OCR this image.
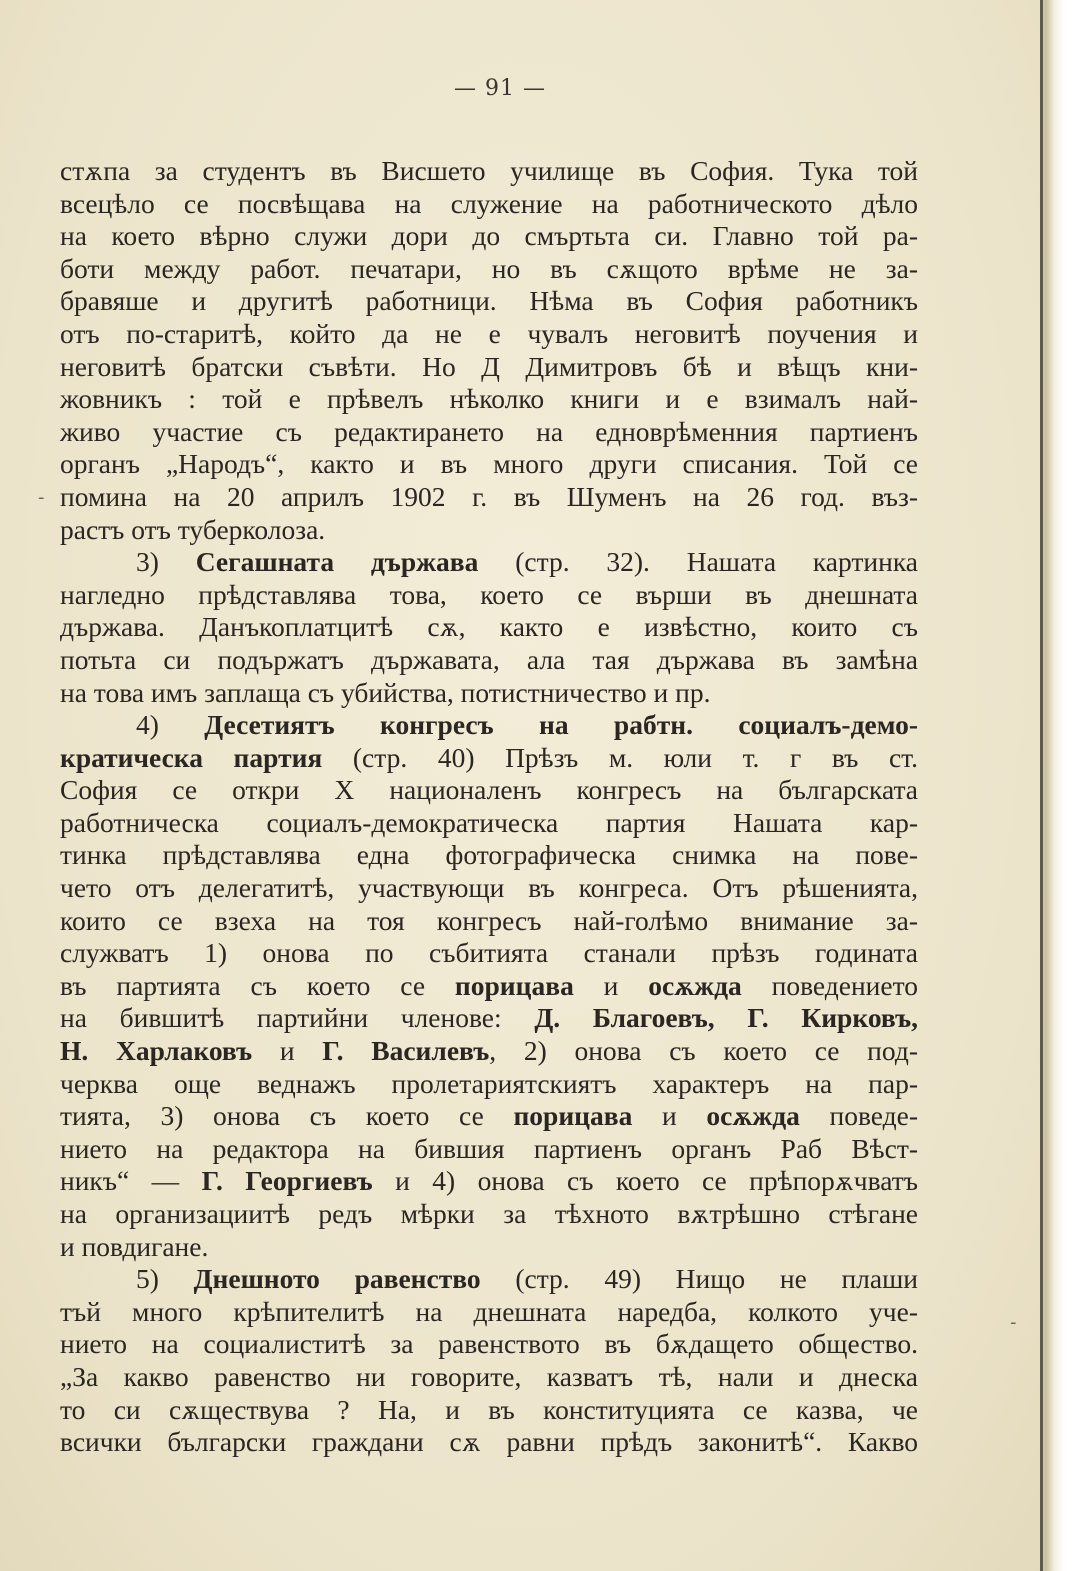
— 91 —
-
-
стѫпа за студентъ въ Висшето училище въ София. Тука той
всецѣло се посвѣщава на служение на работническото дѣло
на което вѣрно служи дори до смъртьта си. Главно той ра-
боти между работ. печатари, но въ сѫщото врѣме не за-
бравяше и другитѣ работници. Нѣма въ София работникъ
отъ по-старитѣ, който да не е чувалъ неговитѣ поучения и
неговитѣ братски съвѣти. Но Д Димитровъ бѣ и вѣщъ кни-
жовникъ : той е прѣвелъ нѣколко книги и е взималъ най-
живо участие съ редактирането на едноврѣменния партиенъ
органъ „Народъ“, както и въ много други списания. Той се
помина на 20 априлъ 1902 г. въ Шуменъ на 26 год. въз-
растъ отъ туберколоза.
3) Сегашната държава (стр. 32). Нашата картинка
нагледно прѣдставлява това, което се върши въ днешната
държава. Данъкоплатцитѣ сѫ, както е извѣстно, които съ
потьта си подържатъ държавата, ала тая държава въ замѣна
на това имъ заплаща съ убийства, потистничество и пр.
4) Десетиятъ конгресъ на рабтн. социалъ-демо-
кратическа партия (стр. 40) Прѣзъ м. юли т. г въ ст.
София се откри X националенъ конгресъ на българската
работническа социалъ-демократическа партия Нашата кар-
тинка прѣдставлява една фотографическа снимка на пове-
чето отъ делегатитѣ, участвующи въ конгреса. Отъ рѣшенията,
които се взеха на тоя конгресъ най-голѣмо внимание за-
служватъ 1) онова по събитията станали прѣзъ годината
въ партията съ което се порицава и осѫжда поведението
на бившитѣ партийни членове: Д. Благоевъ, Г. Кирковъ,
Н. Харлаковъ и Г. Василевъ, 2) онова съ което се под-
черква още веднажъ пролетариятскиятъ характеръ на пар-
тията, 3) онова съ което се порицава и осѫжда поведе-
нието на редактора на бившия партиенъ органъ Раб Вѣст-
никъ“ — Г. Георгиевъ и 4) онова съ което се прѣпорѫчватъ
на организациитѣ редъ мѣрки за тѣхното вѫтрѣшно стѣгане
и повдигане.
5) Днешното равенство (стр. 49) Нищо не плаши
тъй много крѣпителитѣ на днешната наредба, колкото уче-
нието на социалиститѣ за равенството въ бѫдащето общество.
„За какво равенство ни говорите, казватъ тѣ, нали и днеска
то си сѫществува ? На, и въ конституцията се казва, че
всички български граждани сѫ равни прѣдъ законитѣ“. Какво
